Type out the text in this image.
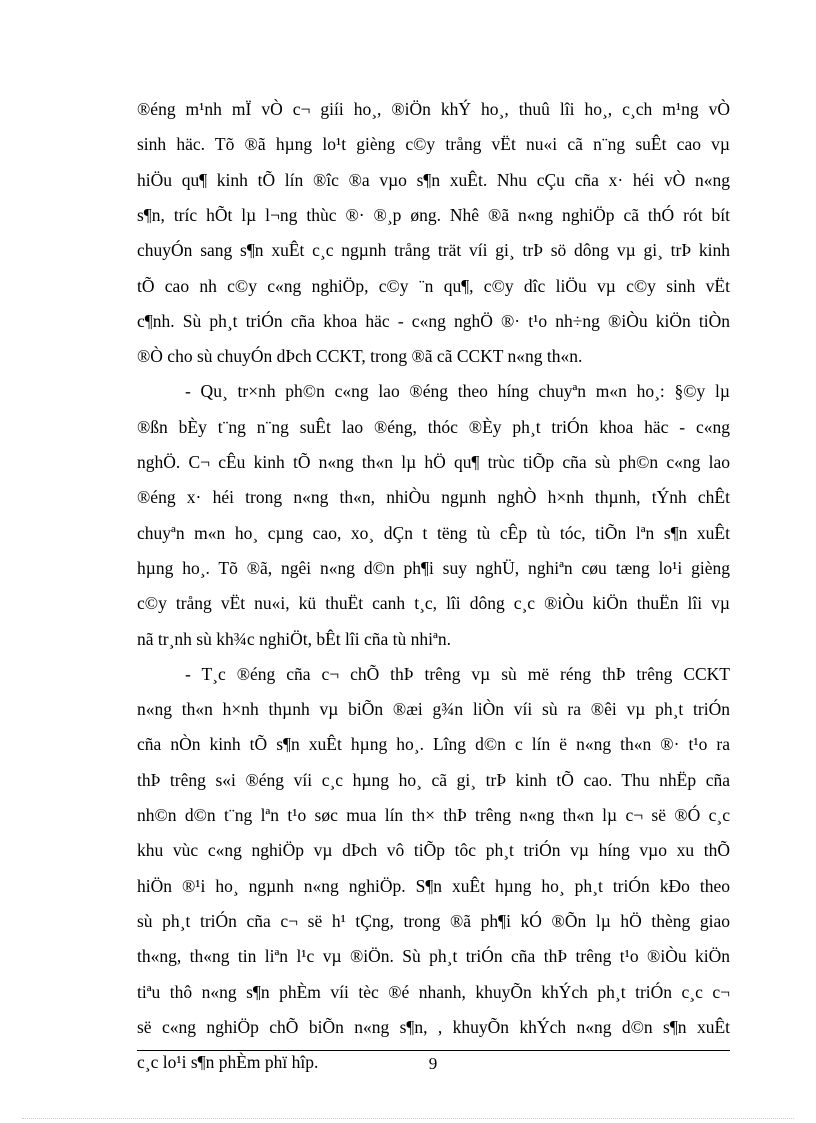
®éng m¹nh mÏ vÒ c¬ giíi ho¸, ®iÖn khÝ ho¸, thuû lîi ho¸, c¸ch m¹ng vÒ
sinh häc. Tõ ®ã hµng lo¹t gièng c©y trång vËt nu«i cã n¨ng suÊt cao vµ
hiÖu qu¶ kinh tÕ lín ®îc ®a vµo s¶n xuÊt. Nhu cÇu cña x· héi vÒ n«ng
s¶n, tríc hÕt lµ l¬ng thùc ®· ®¸p øng. Nhê ®ã n«ng nghiÖp cã thÓ rót bít
chuyÓn sang s¶n xuÊt c¸c ngµnh trång trät víi gi¸ trÞ sö dông vµ gi¸ trÞ kinh
tÕ cao nh c©y c«ng nghiÖp, c©y ¨n qu¶, c©y dîc liÖu vµ c©y sinh vËt
c¶nh. Sù ph¸t triÓn cña khoa häc - c«ng nghÖ ®· t¹o nh÷ng ®iÒu kiÖn tiÒn
®Ò cho sù chuyÓn dÞch CCKT, trong ®ã cã CCKT n«ng th«n.
- Qu¸ tr×nh ph©n c«ng lao ®éng theo híng chuyªn m«n ho¸: §©y lµ
®ßn bÈy t¨ng n¨ng suÊt lao ®éng, thóc ®Èy ph¸t triÓn khoa häc - c«ng
nghÖ. C¬ cÊu kinh tÕ n«ng th«n lµ hÖ qu¶ trùc tiÕp cña sù ph©n c«ng lao
®éng x· héi trong n«ng th«n, nhiÒu ngµnh nghÒ h×nh thµnh, tÝnh chÊt
chuyªn m«n ho¸ cµng cao, xo¸ dÇn t tëng tù cÊp tù tóc, tiÕn lªn s¶n xuÊt
hµng ho¸. Tõ ®ã, ngêi n«ng d©n ph¶i suy nghÜ, nghiªn cøu tæng lo¹i gièng
c©y trång vËt nu«i, kü thuËt canh t¸c, lîi dông c¸c ®iÒu kiÖn thuËn lîi vµ
nã tr¸nh sù kh¾c nghiÖt, bÊt lîi cña tù nhiªn.
- T¸c ®éng cña c¬ chÕ thÞ trêng vµ sù më réng thÞ trêng CCKT
n«ng th«n h×nh thµnh vµ biÕn ®æi g¾n liÒn víi sù ra ®êi vµ ph¸t triÓn
cña nÒn kinh tÕ s¶n xuÊt hµng ho¸. Lîng d©n c lín ë n«ng th«n ®· t¹o ra
thÞ trêng s«i ®éng víi c¸c hµng ho¸ cã gi¸ trÞ kinh tÕ cao. Thu nhËp cña
nh©n d©n t¨ng lªn t¹o søc mua lín th× thÞ trêng n«ng th«n lµ c¬ së ®Ó c¸c
khu vùc c«ng nghiÖp vµ dÞch vô tiÕp tôc ph¸t triÓn vµ híng vµo xu thÕ
hiÖn ®¹i ho¸ ngµnh n«ng nghiÖp. S¶n xuÊt hµng ho¸ ph¸t triÓn kÐo theo
sù ph¸t triÓn cña c¬ së h¹ tÇng, trong ®ã ph¶i kÓ ®Õn lµ hÖ thèng giao
th«ng, th«ng tin liªn l¹c vµ ®iÖn. Sù ph¸t triÓn cña thÞ trêng t¹o ®iÒu kiÖn
tiªu thô n«ng s¶n phÈm víi tèc ®é nhanh, khuyÕn khÝch ph¸t triÓn c¸c c¬
së c«ng nghiÖp chÕ biÕn n«ng s¶n, , khuyÕn khÝch n«ng d©n s¶n xuÊt
c¸c lo¹i s¶n phÈm phï hîp.	9
